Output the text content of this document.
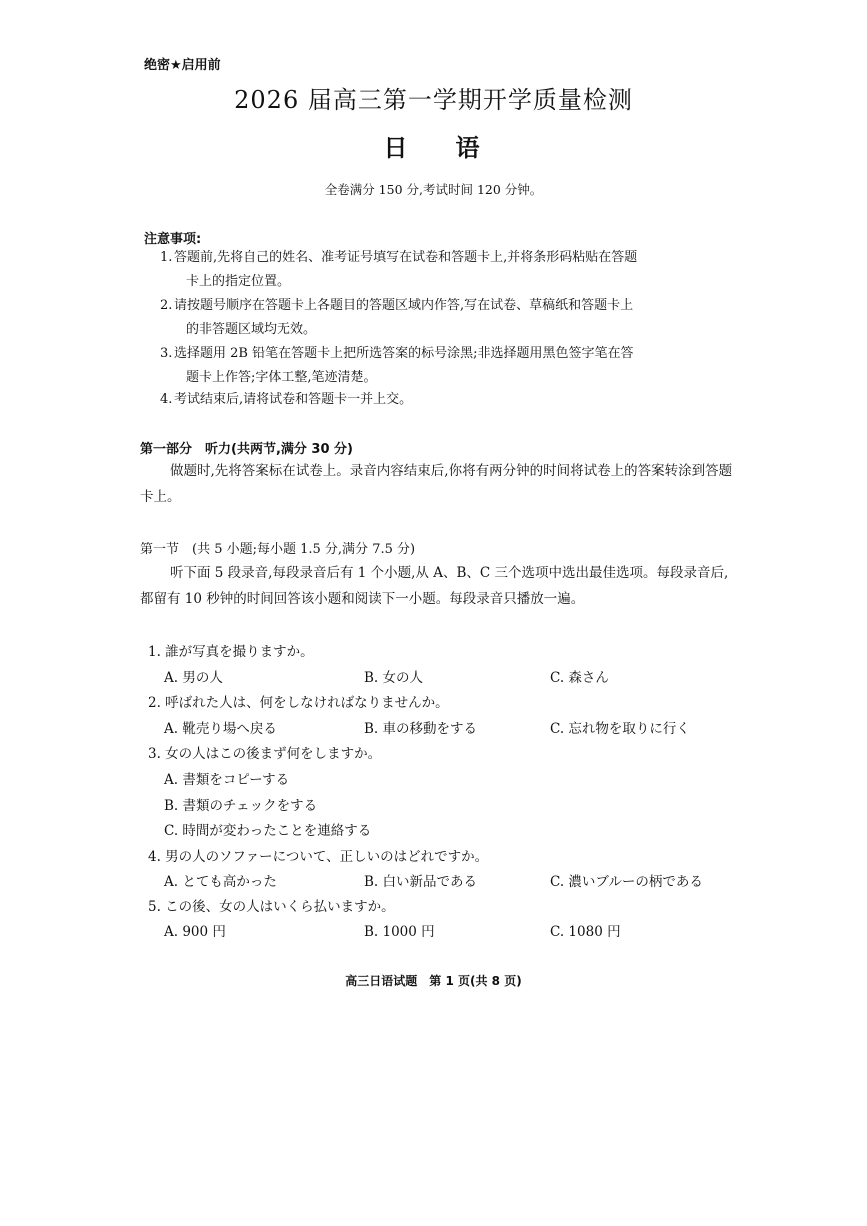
绝密★启用前
2026 届高三第一学期开学质量检测
日 语
全卷满分 150 分,考试时间 120 分钟。
注意事项:
1. 答题前,先将自己的姓名、准考证号填写在试卷和答题卡上,并将条形码粘贴在答题
卡上的指定位置。
2. 请按题号顺序在答题卡上各题目的答题区域内作答,写在试卷、草稿纸和答题卡上
的非答题区域均无效。
3. 选择题用 2B 铅笔在答题卡上把所选答案的标号涂黑;非选择题用黑色签字笔在答
题卡上作答;字体工整,笔迹清楚。
4. 考试结束后,请将试卷和答题卡一并上交。
第一部分　听力(共两节,满分 30 分)
做题时,先将答案标在试卷上。录音内容结束后,你将有两分钟的时间将试卷上的答案转涂到答题卡上。
第一节　(共 5 小题;每小题 1.5 分,满分 7.5 分)
听下面 5 段录音,每段录音后有 1 个小题,从 A、B、C 三个选项中选出最佳选项。每段录音后,都留有 10 秒钟的时间回答该小题和阅读下一小题。每段录音只播放一遍。
1. 誰が写真を撮りますか。
A. 男の人	B. 女の人	C. 森さん
2. 呼ばれた人は、何をしなければなりませんか。
A. 靴売り場へ戻る	B. 車の移動をする	C. 忘れ物を取りに行く
3. 女の人はこの後まず何をしますか。
A. 書類をコピーする
B. 書類のチェックをする
C. 時間が変わったことを連絡する
4. 男の人のソファーについて、正しいのはどれですか。
A. とても高かった	B. 白い新品である	C. 濃いブルーの柄である
5. この後、女の人はいくら払いますか。
A. 900 円	B. 1000 円	C. 1080 円
高三日语试题　第 1 页(共 8 页)
